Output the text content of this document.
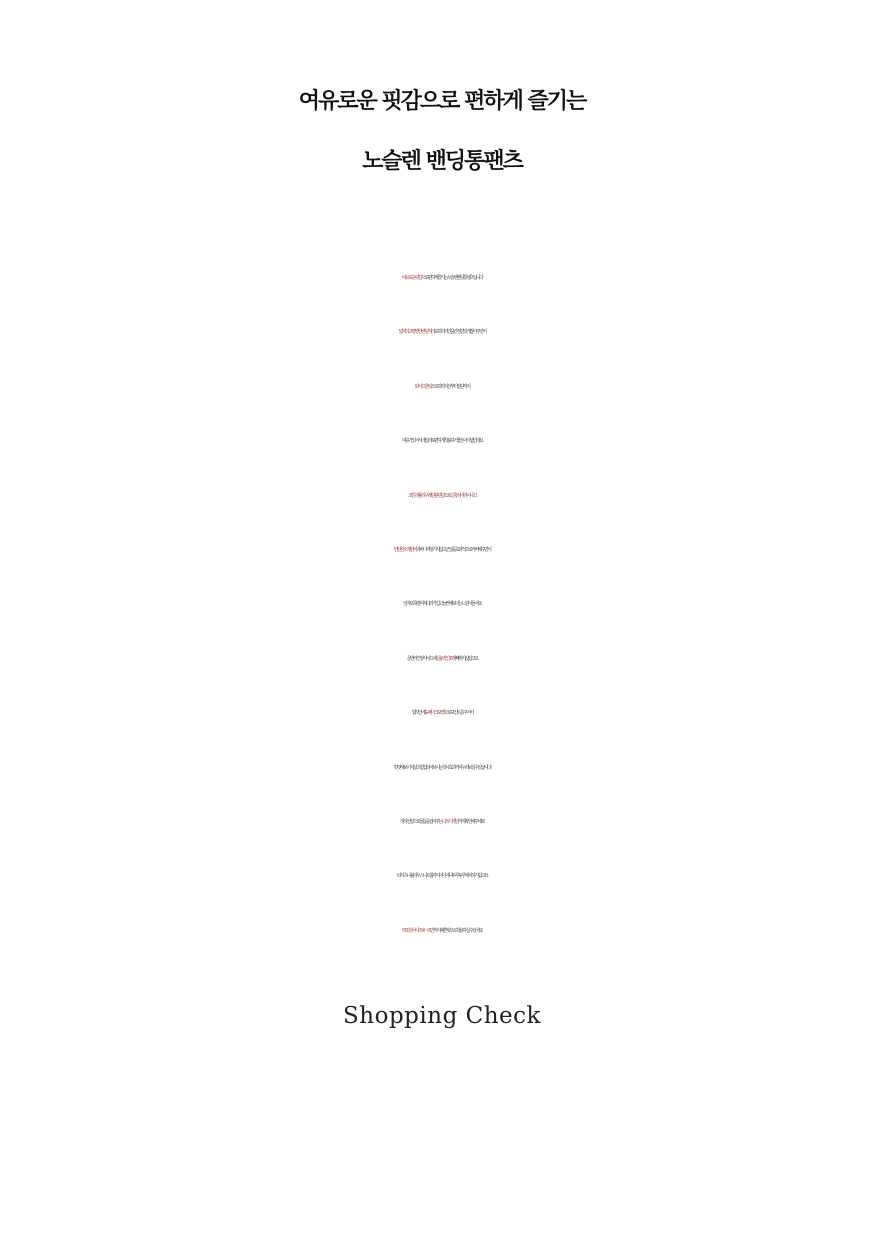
여유로운 핏감으로 편하게 즐기는
노슬렌 밴딩통팬츠
여유로운 핏감으로 편하게 즐기는 노슬렌 밴딩통팬츠 입니다
넓직하고 짱짱한 밴딩처리로 허리라인을 안정감있게 잡아주면서
와이드한핏으로 허벅지선부터 밑단까지
여유가 있어서 데일리로 편하게 착용하기 좋은 아이템인데요
코튼과 폴리우레탄 블렌딩으로 신축성이 뛰어나고
탄탄한 소재감이라 바디에 엉기지않고 군살을 효과적으로 커버해주면서
일자로 툭- 떨어져 다리가 길고 늘씬해보이는 느낌이 들어요!
골반라인 양사이드에 실용적인 포켓 빼먹지 않았고요
힙라인에도 페이크포켓으로 포인트를 주어서
밋밋해보이지 않고 힙업되어 보이는 착시효과까지 누려보실 수 있답니다!
허리선밑으로 들뜸을 잡아주는 다트 디테일까지 확인해주세요!
티셔츠나 블라우스 니트톱까지 어디에나 두루두루 매치하기 쉽고요
FREE 원사이즈 44~66반까지 예쁜핏으로 착용하실 수 있어요!
Shopping Check
